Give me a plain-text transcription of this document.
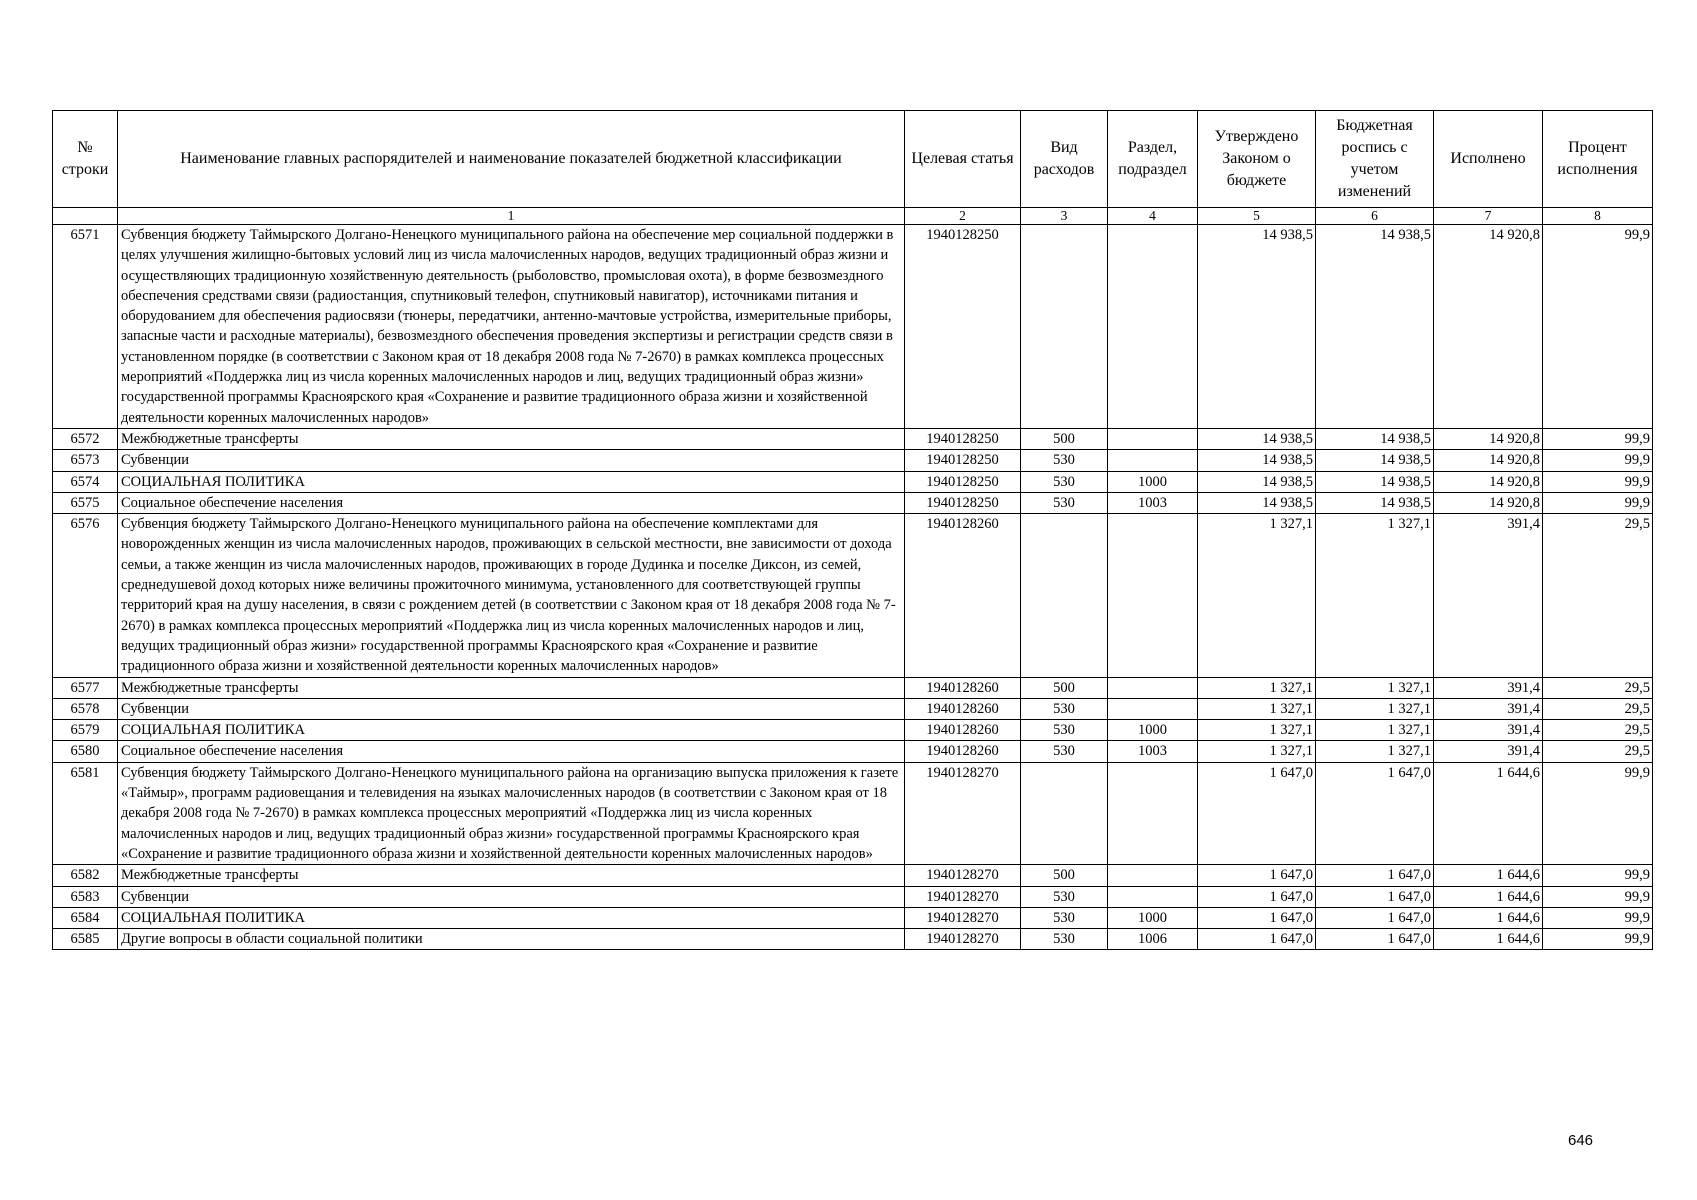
№ строки	Наименование главных распорядителей и наименование показателей бюджетной классификации	Целевая статья	Вид расходов	Раздел, подраздел	Утверждено Законом о бюджете	Бюджетная роспись с учетом изменений	Исполнено	Процент исполнения
	1	2	3	4	5	6	7	8
6571	Субвенция бюджету Таймырского Долгано-Ненецкого муниципального района на обеспечение мер социальной поддержки в целях улучшения жилищно-бытовых условий лиц из числа малочисленных народов, ведущих традиционный образ жизни и осуществляющих традиционную хозяйственную деятельность (рыболовство, промысловая охота), в форме безвозмездного обеспечения средствами связи (радиостанция, спутниковый телефон, спутниковый навигатор), источниками питания и оборудованием для обеспечения радиосвязи (тюнеры, передатчики, антенно-мачтовые устройства, измерительные приборы, запасные части и расходные материалы), безвозмездного обеспечения проведения экспертизы и регистрации средств связи в установленном порядке (в соответствии с Законом края от 18 декабря 2008 года № 7-2670) в рамках комплекса процессных мероприятий «Поддержка лиц из числа коренных малочисленных народов и лиц, ведущих традиционный образ жизни» государственной программы Красноярского края «Сохранение и развитие традиционного образа жизни и хозяйственной деятельности коренных малочисленных народов»	1940128250			14 938,5	14 938,5	14 920,8	99,9
6572	Межбюджетные трансферты	1940128250	500		14 938,5	14 938,5	14 920,8	99,9
6573	Субвенции	1940128250	530		14 938,5	14 938,5	14 920,8	99,9
6574	СОЦИАЛЬНАЯ ПОЛИТИКА	1940128250	530	1000	14 938,5	14 938,5	14 920,8	99,9
6575	Социальное обеспечение населения	1940128250	530	1003	14 938,5	14 938,5	14 920,8	99,9
6576	Субвенция бюджету Таймырского Долгано-Ненецкого муниципального района на обеспечение комплектами для новорожденных женщин из числа малочисленных народов, проживающих в сельской местности, вне зависимости от дохода семьи, а также женщин из числа малочисленных народов, проживающих в городе Дудинка и поселке Диксон, из семей, среднедушевой доход которых ниже величины прожиточного минимума, установленного для соответствующей группы территорий края на душу населения, в связи с рождением детей (в соответствии с Законом края от 18 декабря 2008 года № 7-2670) в рамках комплекса процессных мероприятий «Поддержка лиц из числа коренных малочисленных народов и лиц, ведущих традиционный образ жизни» государственной программы Красноярского края «Сохранение и развитие традиционного образа жизни и хозяйственной деятельности коренных малочисленных народов»	1940128260			1 327,1	1 327,1	391,4	29,5
6577	Межбюджетные трансферты	1940128260	500		1 327,1	1 327,1	391,4	29,5
6578	Субвенции	1940128260	530		1 327,1	1 327,1	391,4	29,5
6579	СОЦИАЛЬНАЯ ПОЛИТИКА	1940128260	530	1000	1 327,1	1 327,1	391,4	29,5
6580	Социальное обеспечение населения	1940128260	530	1003	1 327,1	1 327,1	391,4	29,5
6581	Субвенция бюджету Таймырского Долгано-Ненецкого муниципального района на организацию выпуска приложения к газете «Таймыр», программ радиовещания и телевидения на языках малочисленных народов (в соответствии с Законом края от 18 декабря 2008 года № 7-2670) в рамках комплекса процессных мероприятий «Поддержка лиц из числа коренных малочисленных народов и лиц, ведущих традиционный образ жизни» государственной программы Красноярского края «Сохранение и развитие традиционного образа жизни и хозяйственной деятельности коренных малочисленных народов»	1940128270			1 647,0	1 647,0	1 644,6	99,9
6582	Межбюджетные трансферты	1940128270	500		1 647,0	1 647,0	1 644,6	99,9
6583	Субвенции	1940128270	530		1 647,0	1 647,0	1 644,6	99,9
6584	СОЦИАЛЬНАЯ ПОЛИТИКА	1940128270	530	1000	1 647,0	1 647,0	1 644,6	99,9
6585	Другие вопросы в области социальной политики	1940128270	530	1006	1 647,0	1 647,0	1 644,6	99,9
646
